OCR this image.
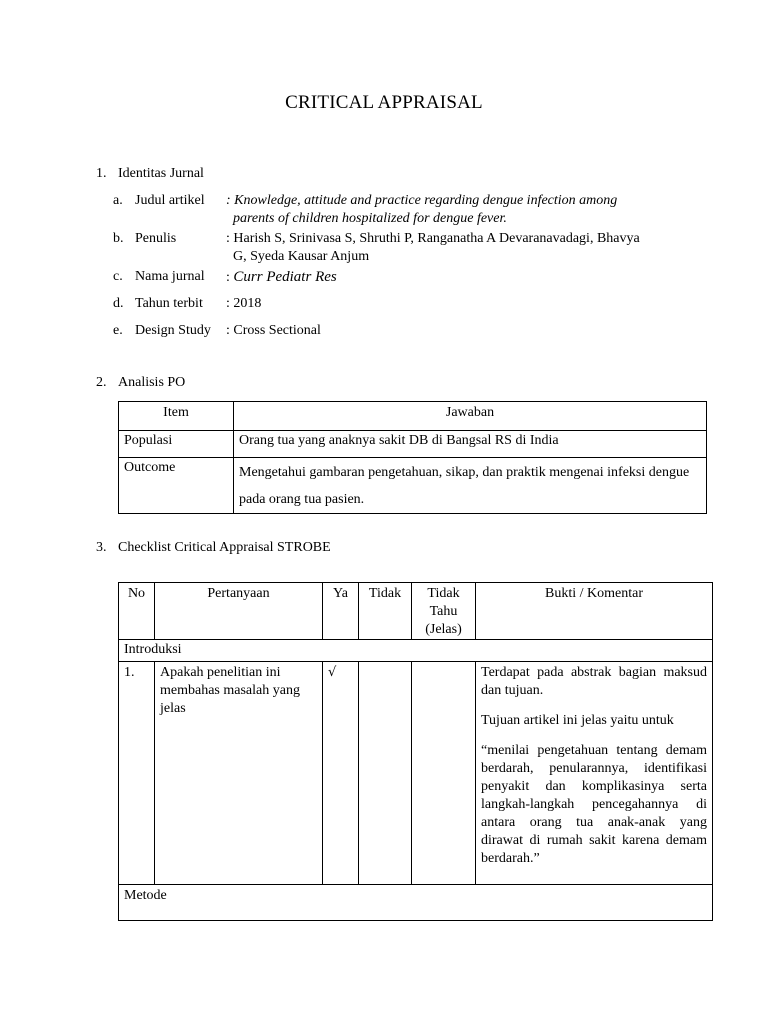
CRITICAL APPRAISAL
1. Identitas Jurnal
a. Judul artikel : Knowledge, attitude and practice regarding dengue infection among
parents of children hospitalized for dengue fever.
b. Penulis	: Harish S, Srinivasa S, Shruthi P, Ranganatha A Devaranavadagi, Bhavya
G, Syeda Kausar Anjum
c. Nama jurnal : Curr Pediatr Res
d. Tahun terbit : 2018
e. Design Study : Cross Sectional
2. Analisis PO
Item	Jawaban
Populasi	Orang tua yang anaknya sakit DB di Bangsal RS di India
Outcome	Mengetahui gambaran pengetahuan, sikap, dan praktik mengenai infeksi dengue pada orang tua pasien.
3. Checklist Critical Appraisal STROBE
No	Pertanyaan	Ya	Tidak	Tidak Tahu (Jelas)	Bukti / Komentar
Introduksi					
1.	Apakah penelitian ini membahas masalah yang jelas	√			Terdapat pada abstrak bagian maksud dan tujuan.
Tujuan artikel ini jelas yaitu untuk
“menilai pengetahuan tentang demam berdarah, penularannya, identifikasi penyakit dan komplikasinya serta langkah-langkah pencegahannya di antara orang tua anak-anak yang dirawat di rumah sakit karena demam berdarah.”

Metode					
